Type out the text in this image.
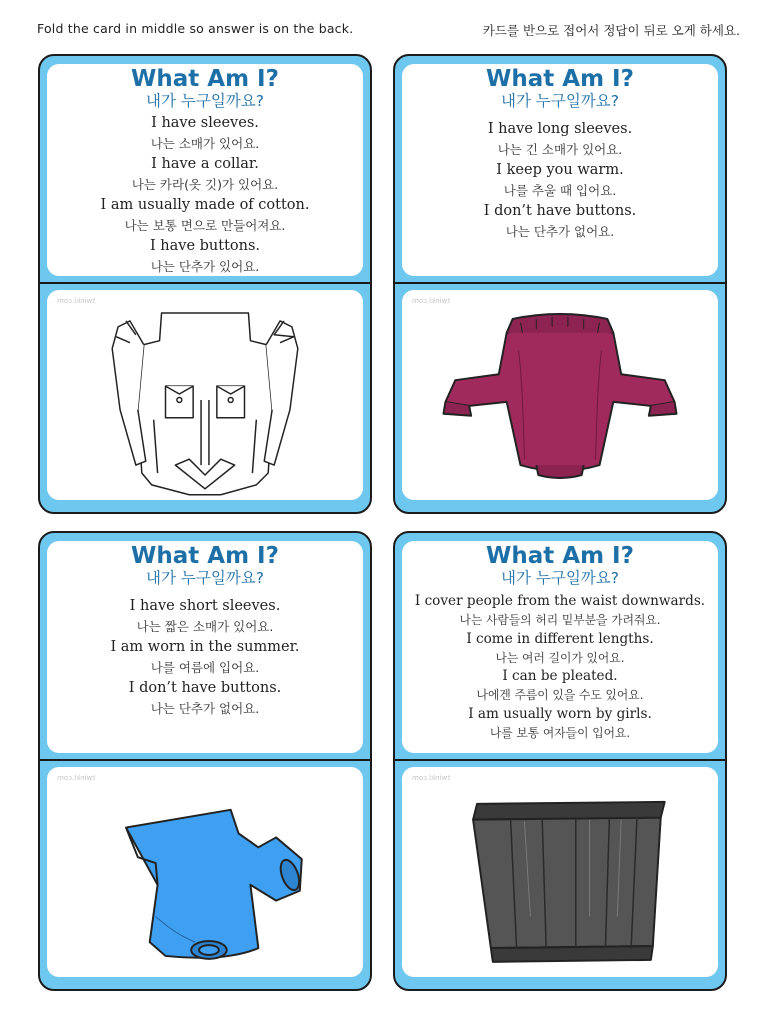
Fold the card in middle so answer is on the back.	카드를 반으로 접어서 정답이 뒤로 오게 하세요.
What Am I?
내가 누구일까요?
I have sleeves.
나는 소매가 있어요.
I have a collar.
나는 카라(옷 깃)가 있어요.
I am usually made of cotton.
나는 보통 면으로 만들어져요.
I have buttons.
나는 단추가 있어요.
twinkl.com
What Am I?
내가 누구일까요?
I have long sleeves.
나는 긴 소매가 있어요.
I keep you warm.
나를 추울 때 입어요.
I don’t have buttons.
나는 단추가 없어요.
twinkl.com
What Am I?
내가 누구일까요?
I have short sleeves.
나는 짧은 소매가 있어요.
I am worn in the summer.
나를 여름에 입어요.
I don’t have buttons.
나는 단추가 없어요.
twinkl.com
What Am I?
내가 누구일까요?
I cover people from the waist downwards.
나는 사람들의 허리 밑부분을 가려줘요.
I come in different lengths.
나는 여러 길이가 있어요.
I can be pleated.
나에겐 주름이 있을 수도 있어요.
I am usually worn by girls.
나를 보통 여자들이 입어요.
twinkl.com
